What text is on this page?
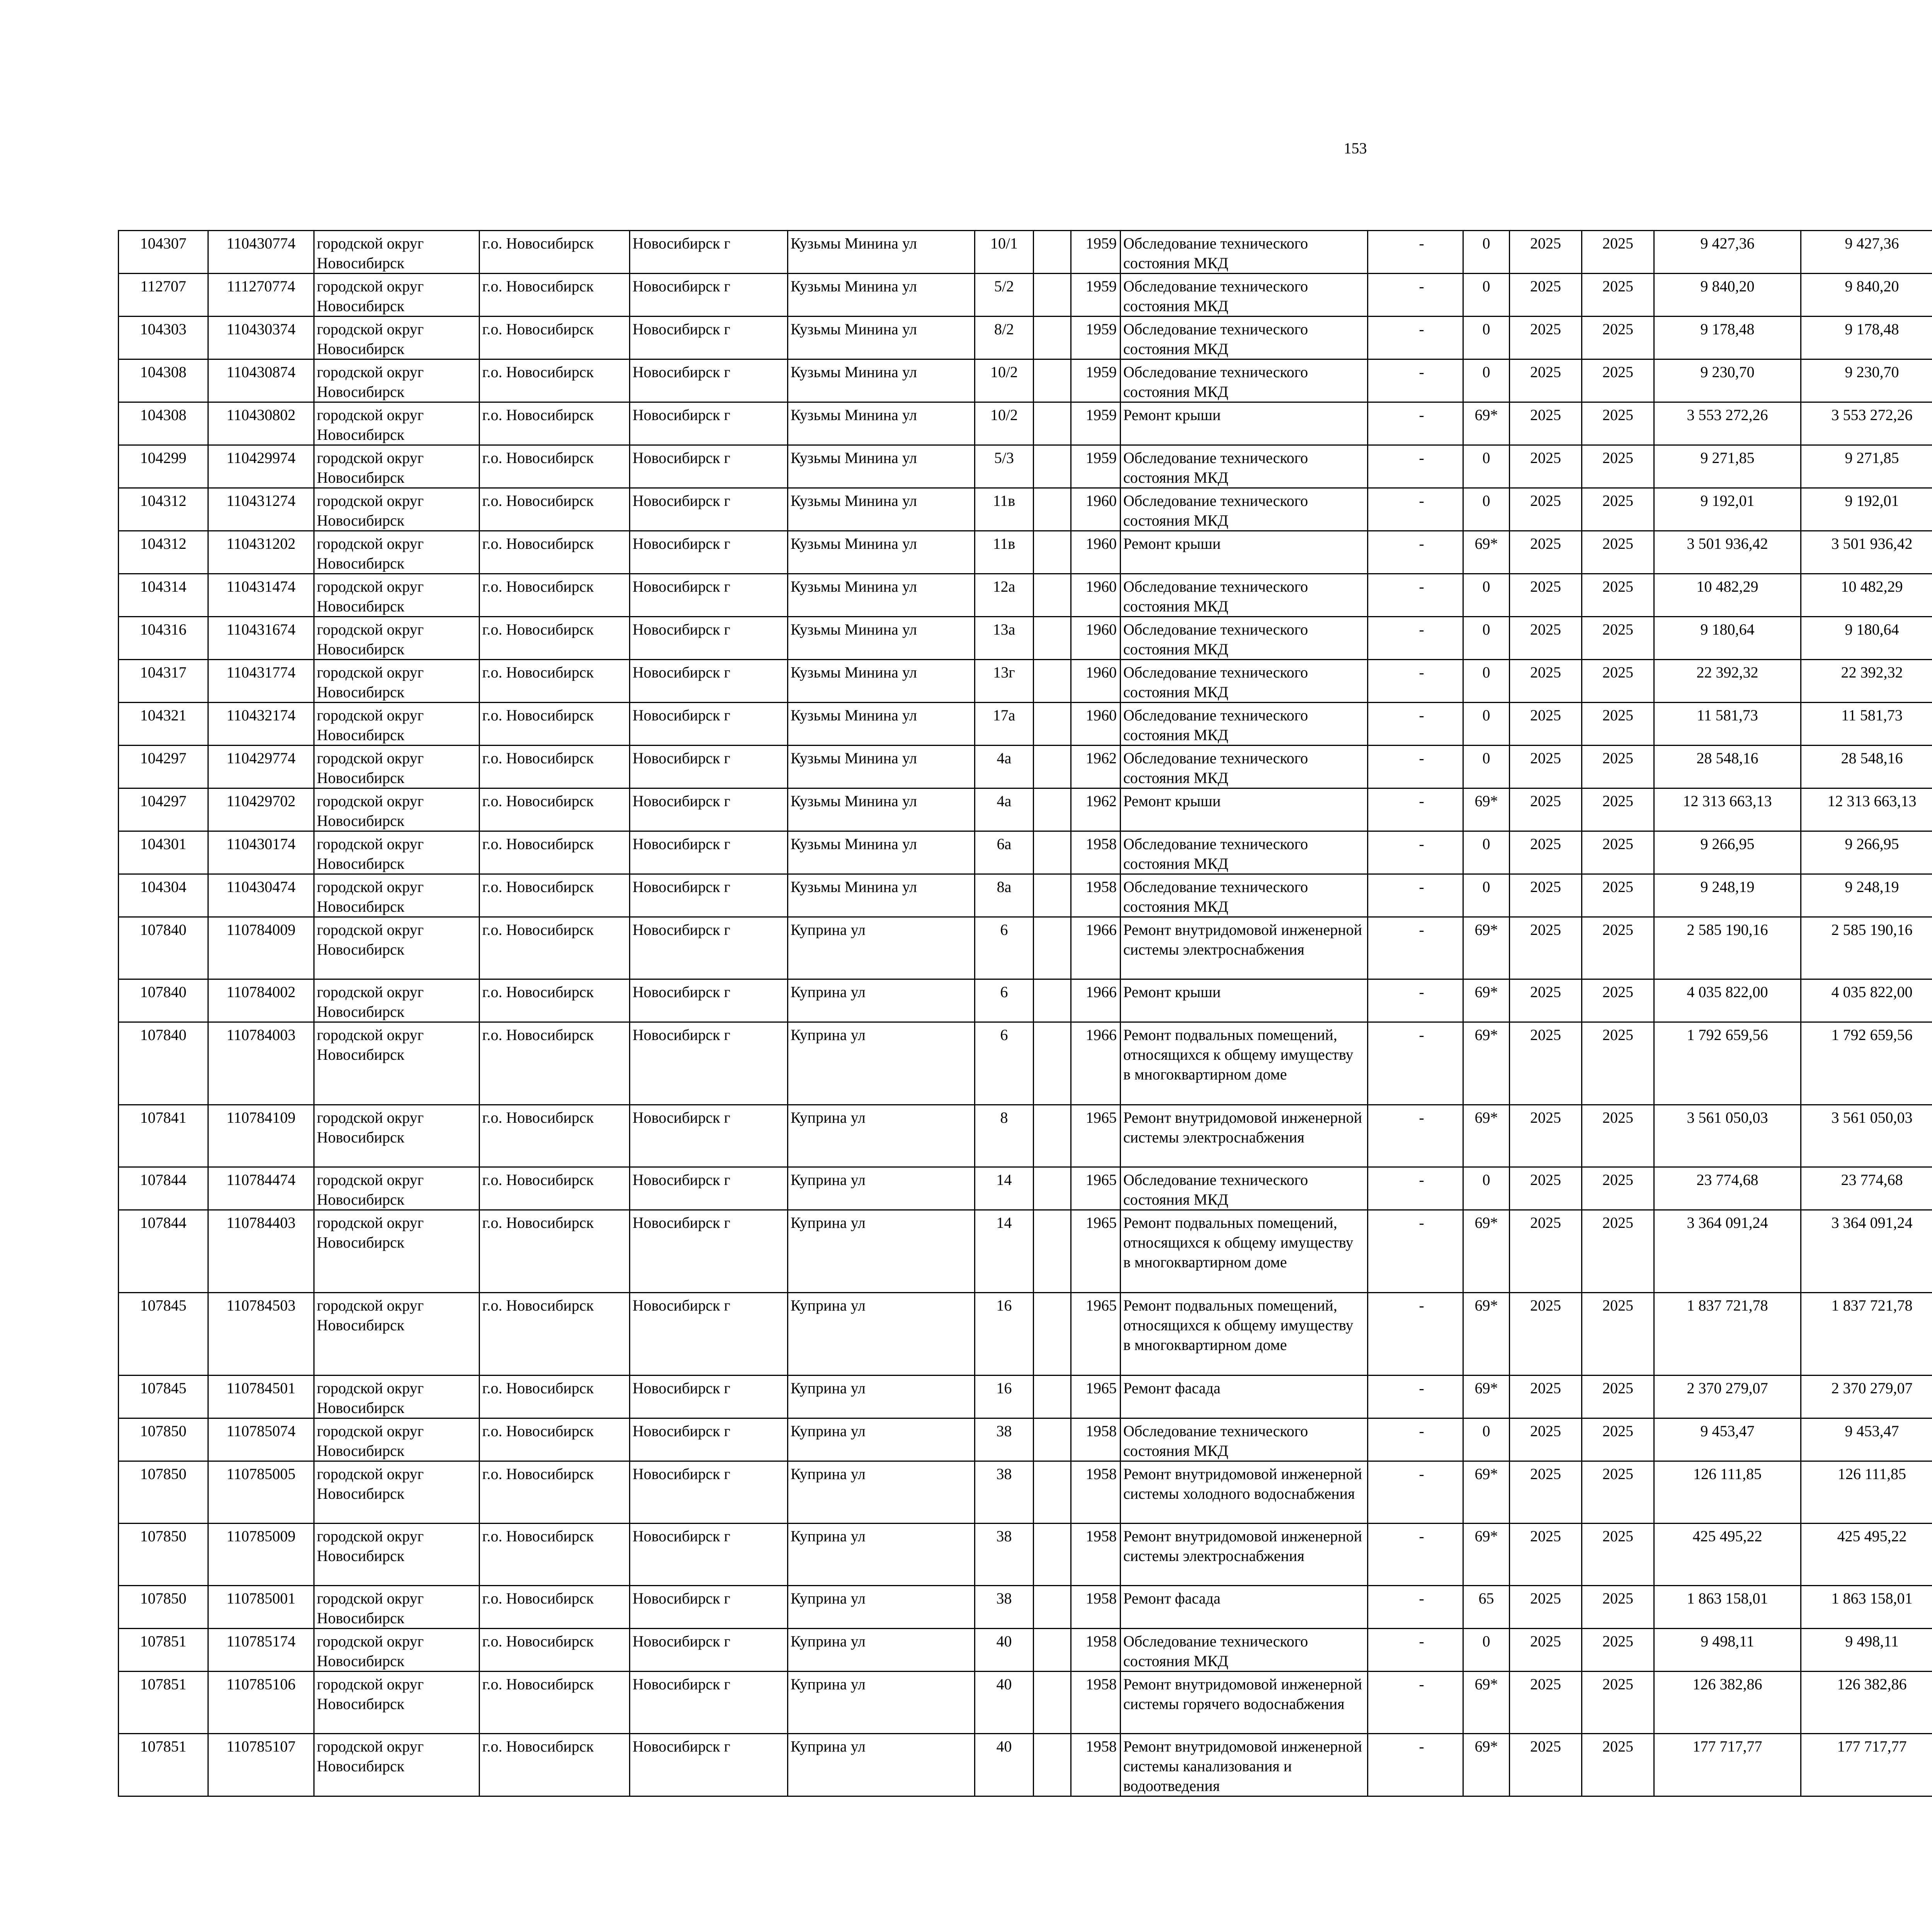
153
104307	110430774	городской округ Новосибирск	г.о. Новосибирск	Новосибирск г	Кузьмы Минина ул	10/1		1959	Обследование технического состояния МКД	-	0	2025	2025	9 427,36	9 427,36						
112707	111270774	городской округ Новосибирск	г.о. Новосибирск	Новосибирск г	Кузьмы Минина ул	5/2		1959	Обследование технического состояния МКД	-	0	2025	2025	9 840,20	9 840,20						
104303	110430374	городской округ Новосибирск	г.о. Новосибирск	Новосибирск г	Кузьмы Минина ул	8/2		1959	Обследование технического состояния МКД	-	0	2025	2025	9 178,48	9 178,48						
104308	110430874	городской округ Новосибирск	г.о. Новосибирск	Новосибирск г	Кузьмы Минина ул	10/2		1959	Обследование технического состояния МКД	-	0	2025	2025	9 230,70	9 230,70						
104308	110430802	городской округ Новосибирск	г.о. Новосибирск	Новосибирск г	Кузьмы Минина ул	10/2		1959	Ремонт крыши	-	69*	2025	2025	3 553 272,26	3 553 272,26						
104299	110429974	городской округ Новосибирск	г.о. Новосибирск	Новосибирск г	Кузьмы Минина ул	5/3		1959	Обследование технического состояния МКД	-	0	2025	2025	9 271,85	9 271,85						
104312	110431274	городской округ Новосибирск	г.о. Новосибирск	Новосибирск г	Кузьмы Минина ул	11в		1960	Обследование технического состояния МКД	-	0	2025	2025	9 192,01	9 192,01						
104312	110431202	городской округ Новосибирск	г.о. Новосибирск	Новосибирск г	Кузьмы Минина ул	11в		1960	Ремонт крыши	-	69*	2025	2025	3 501 936,42	3 501 936,42						
104314	110431474	городской округ Новосибирск	г.о. Новосибирск	Новосибирск г	Кузьмы Минина ул	12а		1960	Обследование технического состояния МКД	-	0	2025	2025	10 482,29	10 482,29						
104316	110431674	городской округ Новосибирск	г.о. Новосибирск	Новосибирск г	Кузьмы Минина ул	13а		1960	Обследование технического состояния МКД	-	0	2025	2025	9 180,64	9 180,64						
104317	110431774	городской округ Новосибирск	г.о. Новосибирск	Новосибирск г	Кузьмы Минина ул	13г		1960	Обследование технического состояния МКД	-	0	2025	2025	22 392,32	22 392,32						
104321	110432174	городской округ Новосибирск	г.о. Новосибирск	Новосибирск г	Кузьмы Минина ул	17а		1960	Обследование технического состояния МКД	-	0	2025	2025	11 581,73	11 581,73						
104297	110429774	городской округ Новосибирск	г.о. Новосибирск	Новосибирск г	Кузьмы Минина ул	4а		1962	Обследование технического состояния МКД	-	0	2025	2025	28 548,16	28 548,16						
104297	110429702	городской округ Новосибирск	г.о. Новосибирск	Новосибирск г	Кузьмы Минина ул	4а		1962	Ремонт крыши	-	69*	2025	2025	12 313 663,13	12 313 663,13						
104301	110430174	городской округ Новосибирск	г.о. Новосибирск	Новосибирск г	Кузьмы Минина ул	6а		1958	Обследование технического состояния МКД	-	0	2025	2025	9 266,95	9 266,95						
104304	110430474	городской округ Новосибирск	г.о. Новосибирск	Новосибирск г	Кузьмы Минина ул	8а		1958	Обследование технического состояния МКД	-	0	2025	2025	9 248,19	9 248,19						
107840	110784009	городской округ Новосибирск	г.о. Новосибирск	Новосибирск г	Куприна ул	6		1966	Ремонт внутридомовой инженерной системы электроснабжения	-	69*	2025	2025	2 585 190,16	2 585 190,16						
107840	110784002	городской округ Новосибирск	г.о. Новосибирск	Новосибирск г	Куприна ул	6		1966	Ремонт крыши	-	69*	2025	2025	4 035 822,00	4 035 822,00						
107840	110784003	городской округ Новосибирск	г.о. Новосибирск	Новосибирск г	Куприна ул	6		1966	Ремонт подвальных помещений, относящихся к общему имуществу в многоквартирном доме	-	69*	2025	2025	1 792 659,56	1 792 659,56						
107841	110784109	городской округ Новосибирск	г.о. Новосибирск	Новосибирск г	Куприна ул	8		1965	Ремонт внутридомовой инженерной системы электроснабжения	-	69*	2025	2025	3 561 050,03	3 561 050,03						
107844	110784474	городской округ Новосибирск	г.о. Новосибирск	Новосибирск г	Куприна ул	14		1965	Обследование технического состояния МКД	-	0	2025	2025	23 774,68	23 774,68						
107844	110784403	городской округ Новосибирск	г.о. Новосибирск	Новосибирск г	Куприна ул	14		1965	Ремонт подвальных помещений, относящихся к общему имуществу в многоквартирном доме	-	69*	2025	2025	3 364 091,24	3 364 091,24						
107845	110784503	городской округ Новосибирск	г.о. Новосибирск	Новосибирск г	Куприна ул	16		1965	Ремонт подвальных помещений, относящихся к общему имуществу в многоквартирном доме	-	69*	2025	2025	1 837 721,78	1 837 721,78						
107845	110784501	городской округ Новосибирск	г.о. Новосибирск	Новосибирск г	Куприна ул	16		1965	Ремонт фасада	-	69*	2025	2025	2 370 279,07	2 370 279,07						
107850	110785074	городской округ Новосибирск	г.о. Новосибирск	Новосибирск г	Куприна ул	38		1958	Обследование технического состояния МКД	-	0	2025	2025	9 453,47	9 453,47						
107850	110785005	городской округ Новосибирск	г.о. Новосибирск	Новосибирск г	Куприна ул	38		1958	Ремонт внутридомовой инженерной системы холодного водоснабжения	-	69*	2025	2025	126 111,85	126 111,85						
107850	110785009	городской округ Новосибирск	г.о. Новосибирск	Новосибирск г	Куприна ул	38		1958	Ремонт внутридомовой инженерной системы электроснабжения	-	69*	2025	2025	425 495,22	425 495,22						
107850	110785001	городской округ Новосибирск	г.о. Новосибирск	Новосибирск г	Куприна ул	38		1958	Ремонт фасада	-	65	2025	2025	1 863 158,01	1 863 158,01						
107851	110785174	городской округ Новосибирск	г.о. Новосибирск	Новосибирск г	Куприна ул	40		1958	Обследование технического состояния МКД	-	0	2025	2025	9 498,11	9 498,11						
107851	110785106	городской округ Новосибирск	г.о. Новосибирск	Новосибирск г	Куприна ул	40		1958	Ремонт внутридомовой инженерной системы горячего водоснабжения	-	69*	2025	2025	126 382,86	126 382,86						
107851	110785107	городской округ Новосибирск	г.о. Новосибирск	Новосибирск г	Куприна ул	40		1958	Ремонт внутридомовой инженерной системы канализования и водоотведения	-	69*	2025	2025	177 717,77	177 717,77						
